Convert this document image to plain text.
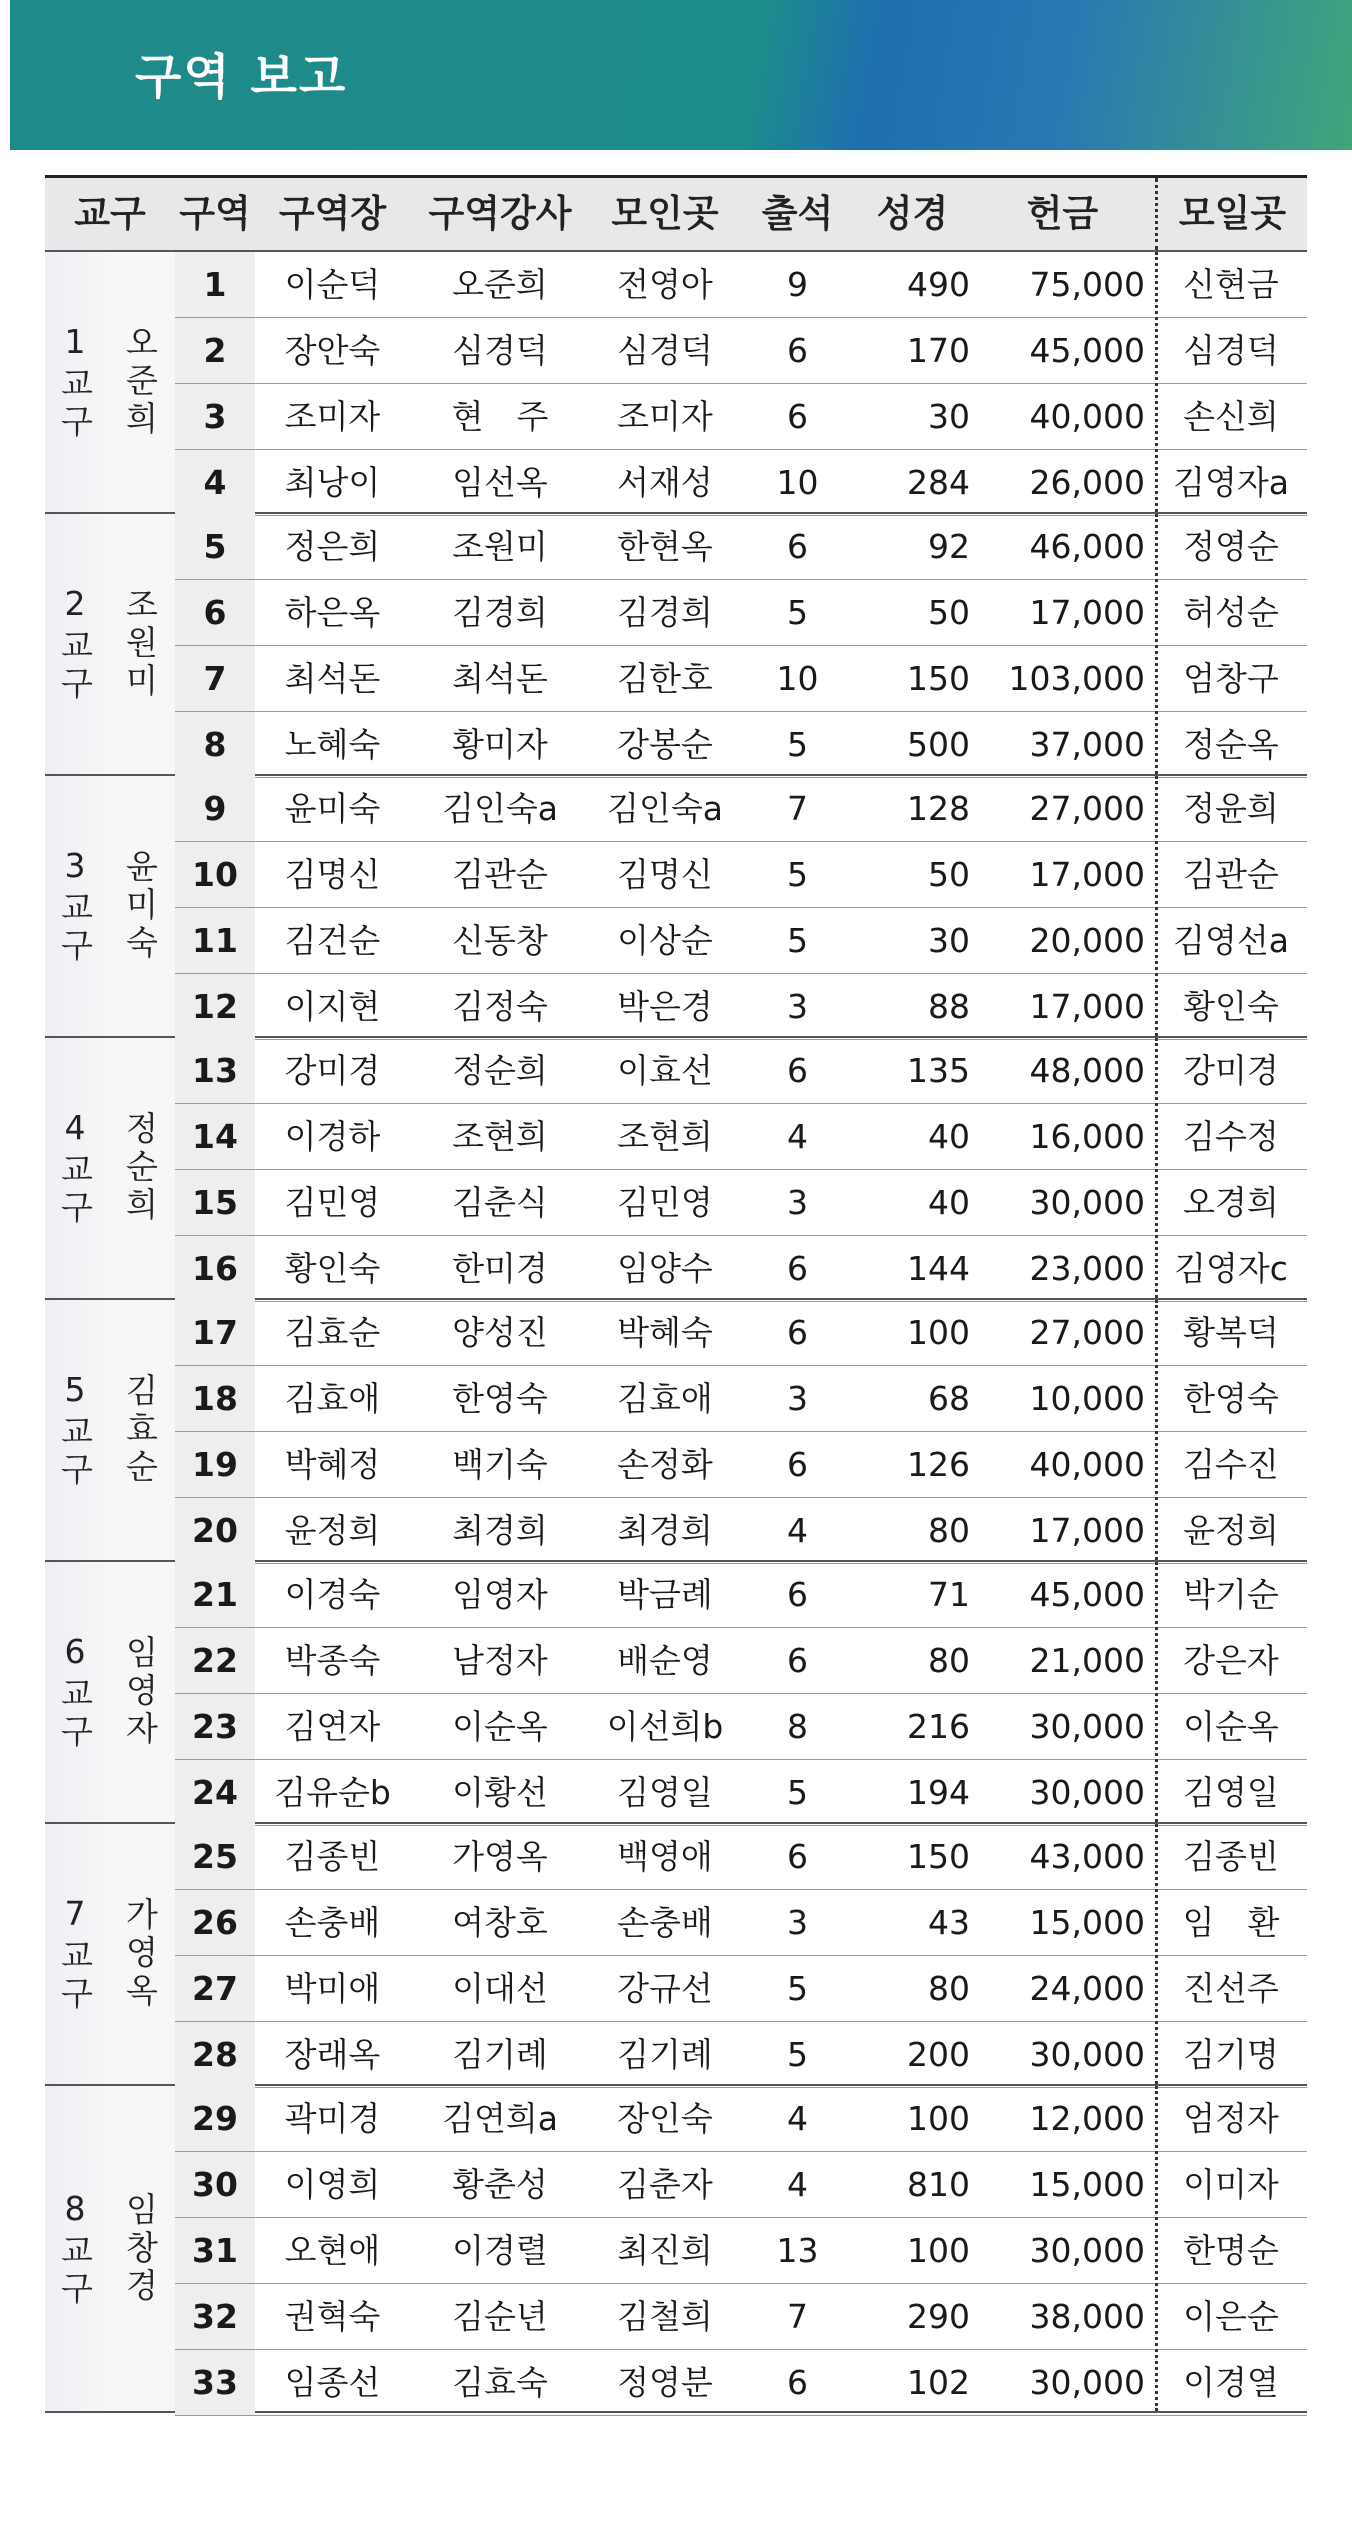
구역 보고
교구 구역 구역장	구역강사	모인곳	출석	성경	헌금	모일곳
1교구 오준희
1	이순덕	오준희	전영아	9	490	75,000	신현금
2	장안숙	심경덕	심경덕	6	170	45,000	심경덕
3	조미자	현　주	조미자	6	30	40,000	손신희
4	최낭이	임선옥	서재성	10	284	26,000 김영자a
2교구 조원미
5	정은희	조원미	한현옥	6	92	46,000	정영순
6	하은옥	김경희	김경희	5	50	17,000	허성순
7	최석돈	최석돈	김한호	10	150	103,000	엄창구
8	노혜숙	황미자	강봉순	5	500	37,000	정순옥
3교구 윤미숙
9	윤미숙	김인숙a	김인숙a	7	128	27,000	정윤희
10	김명신	김관순	김명신	5	50	17,000	김관순
11	김건순	신동창	이상순	5	30	20,000 김영선a
12	이지현	김정숙	박은경	3	88	17,000	황인숙
4교구 정순희
13	강미경	정순희	이효선	6	135	48,000	강미경
14	이경하	조현희	조현희	4	40	16,000	김수정
15	김민영	김춘식	김민영	3	40	30,000	오경희
16	황인숙	한미경	임양수	6	144	23,000 김영자c
5교구 김효순
17	김효순	양성진	박혜숙	6	100	27,000	황복덕
18	김효애	한영숙	김효애	3	68	10,000	한영숙
19	박혜정	백기숙	손정화	6	126	40,000	김수진
20	윤정희	최경희	최경희	4	80	17,000	윤정희
6교구 임영자
21	이경숙	임영자	박금례	6	71	45,000	박기순
22	박종숙	남정자	배순영	6	80	21,000	강은자
23	김연자	이순옥	이선희b	8	216	30,000	이순옥
24	김유순b	이황선	김영일	5	194	30,000	김영일
7교구 가영옥
25	김종빈	가영옥	백영애	6	150	43,000	김종빈
26	손충배	여창호	손충배	3	43	15,000	임　환
27	박미애	이대선	강규선	5	80	24,000	진선주
28	장래옥	김기례	김기례	5	200	30,000	김기명
8교구 임창경
29	곽미경	김연희a	장인숙	4	100	12,000	엄정자
30	이영희	황춘성	김춘자	4	810	15,000	이미자
31	오현애	이경렬	최진희	13	100	30,000	한명순
32	권혁숙	김순년	김철희	7	290	38,000	이은순
33	임종선	김효숙	정영분	6	102	30,000	이경열
